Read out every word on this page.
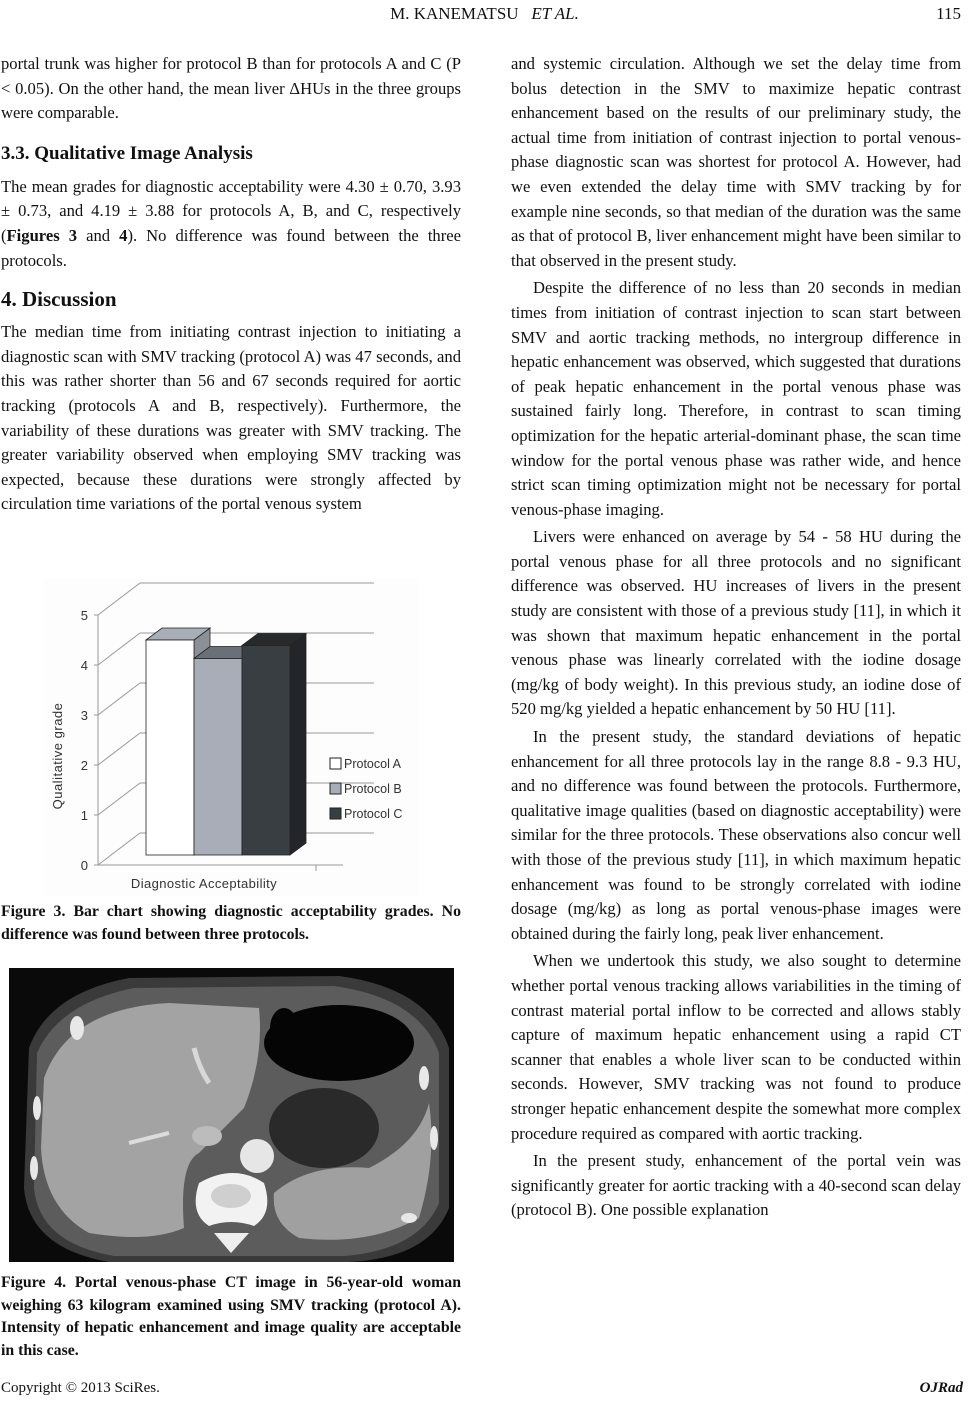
M. KANEMATSU ET AL.	115

portal trunk was higher for protocol B than for protocols A and C (P < 0.05). On the other hand, the mean liver ΔHUs in the three groups were comparable.

3.3. Qualitative Image Analysis

The mean grades for diagnostic acceptability were 4.30 ± 0.70, 3.93 ± 0.73, and 4.19 ± 3.88 for protocols A, B, and C, respectively (Figures 3 and 4). No difference was found between the three protocols.

4. Discussion

The median time from initiating contrast injection to initiating a diagnostic scan with SMV tracking (protocol A) was 47 seconds, and this was rather shorter than 56 and 67 seconds required for aortic tracking (protocols A and B, respectively). Furthermore, the variability of these durations was greater with SMV tracking. The greater variability observed when employing SMV tracking was expected, because these durations were strongly affected by circulation time variations of the portal venous system

0
1
2
3
4
5
Qualitative grade
Diagnostic Acceptability
Protocol A
Protocol B
Protocol C
Figure 3. Bar chart showing diagnostic acceptability grades. No difference was found between three protocols.
Figure 4. Portal venous-phase CT image in 56-year-old woman weighing 63 kilogram examined using SMV tracking (protocol A). Intensity of hepatic enhancement and image quality are acceptable in this case.

and systemic circulation. Although we set the delay time from bolus detection in the SMV to maximize hepatic contrast enhancement based on the results of our preliminary study, the actual time from initiation of contrast injection to portal venous-phase diagnostic scan was shortest for protocol A. However, had we even extended the delay time with SMV tracking by for example nine seconds, so that median of the duration was the same as that of protocol B, liver enhancement might have been similar to that observed in the present study.

Despite the difference of no less than 20 seconds in median times from initiation of contrast injection to scan start between SMV and aortic tracking methods, no intergroup difference in hepatic enhancement was observed, which suggested that durations of peak hepatic enhancement in the portal venous phase was sustained fairly long. Therefore, in contrast to scan timing optimization for the hepatic arterial-dominant phase, the scan time window for the portal venous phase was rather wide, and hence strict scan timing optimization might not be necessary for portal venous-phase imaging.

Livers were enhanced on average by 54 - 58 HU during the portal venous phase for all three protocols and no significant difference was observed. HU increases of livers in the present study are consistent with those of a previous study [11], in which it was shown that maximum hepatic enhancement in the portal venous phase was linearly correlated with the iodine dosage (mg/kg of body weight). In this previous study, an iodine dose of 520 mg/kg yielded a hepatic enhancement by 50 HU [11].

In the present study, the standard deviations of hepatic enhancement for all three protocols lay in the range 8.8 - 9.3 HU, and no difference was found between the protocols. Furthermore, qualitative image qualities (based on diagnostic acceptability) were similar for the three protocols. These observations also concur well with those of the previous study [11], in which maximum hepatic enhancement was found to be strongly correlated with iodine dosage (mg/kg) as long as portal venous-phase images were obtained during the fairly long, peak liver enhancement.

When we undertook this study, we also sought to determine whether portal venous tracking allows variabilities in the timing of contrast material portal inflow to be corrected and allows stably capture of maximum hepatic enhancement using a rapid CT scanner that enables a whole liver scan to be conducted within seconds. However, SMV tracking was not found to produce stronger hepatic enhancement despite the somewhat more complex procedure required as compared with aortic tracking.

In the present study, enhancement of the portal vein was significantly greater for aortic tracking with a 40-second scan delay (protocol B). One possible explanation

Copyright © 2013 SciRes.	OJRad
